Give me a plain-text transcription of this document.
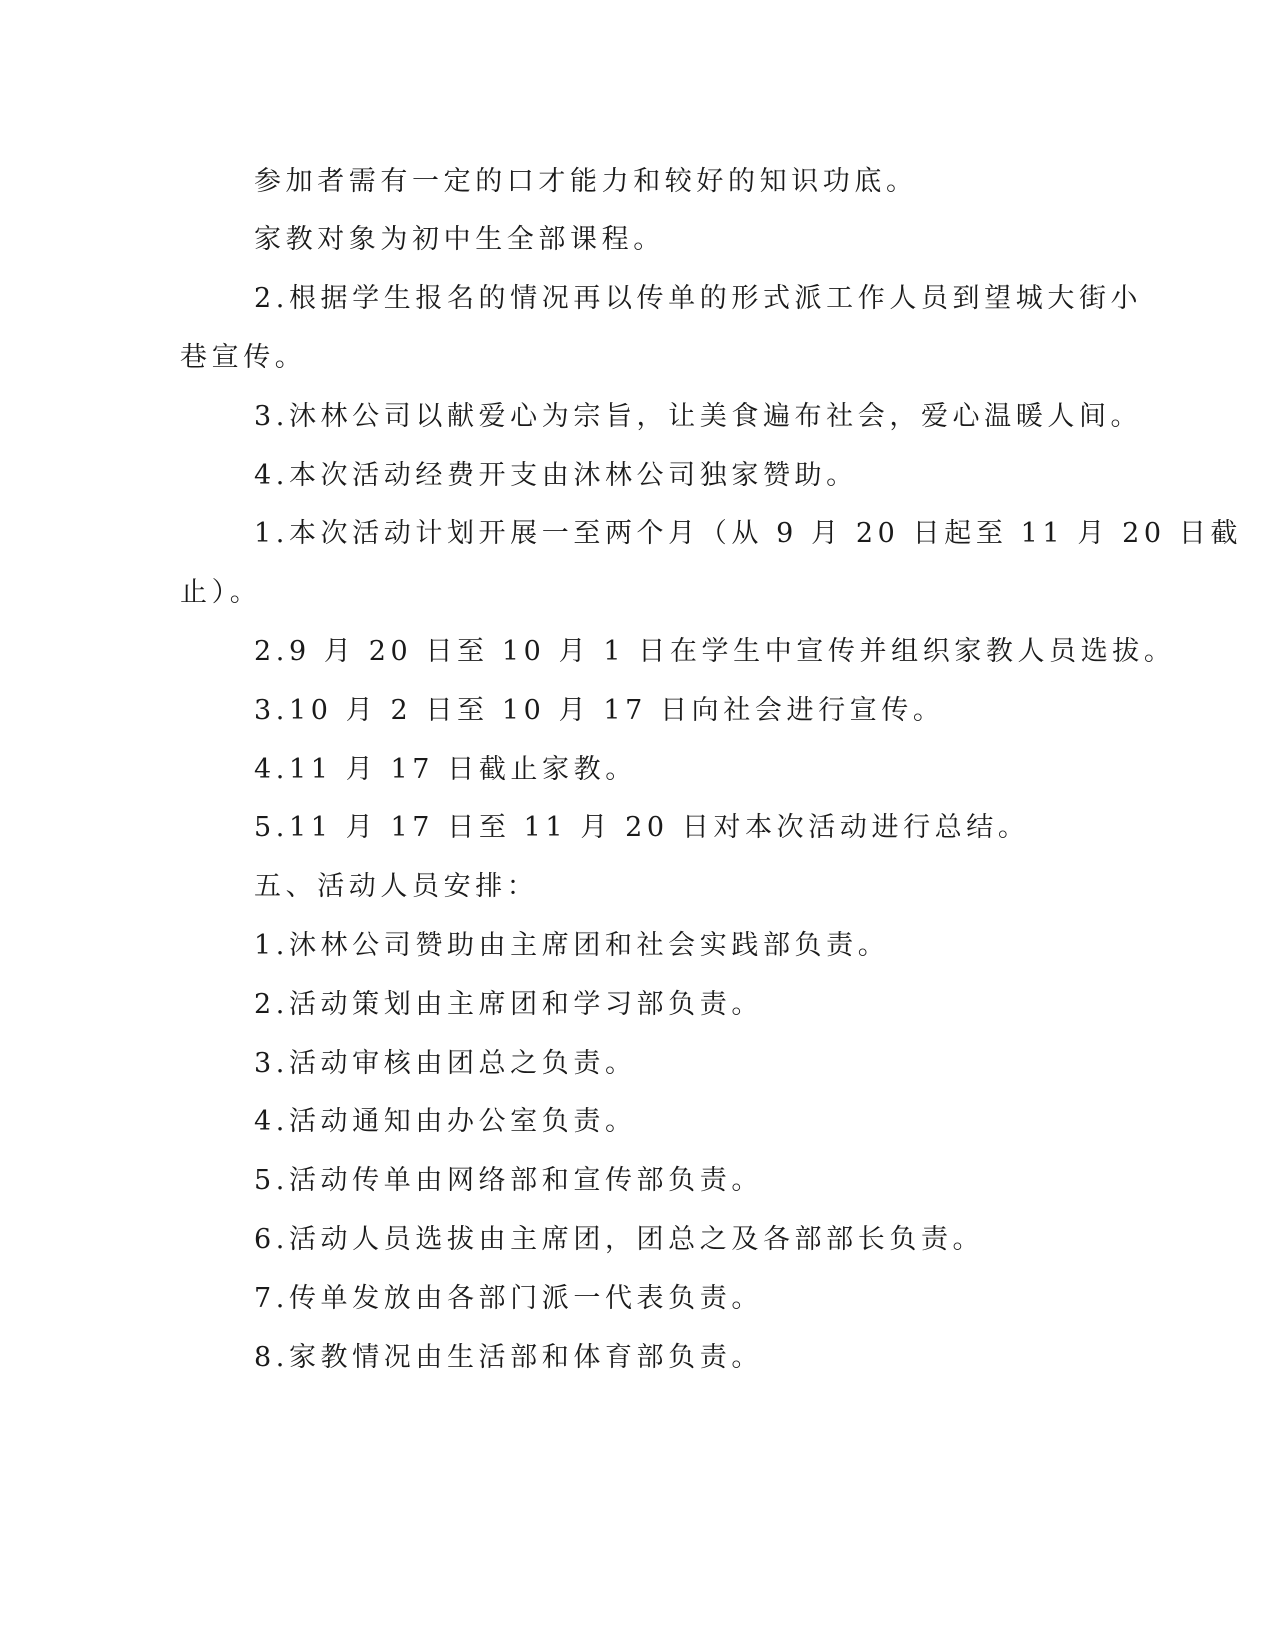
参加者需有一定的口才能力和较好的知识功底。
家教对象为初中生全部课程。
2.根据学生报名的情况再以传单的形式派工作人员到望城大街小
巷宣传。
3.沐林公司以献爱心为宗旨，让美食遍布社会，爱心温暖人间。
4.本次活动经费开支由沐林公司独家赞助。
1.本次活动计划开展一至两个月（从 9 月 20 日起至 11 月 20 日截
止）。
2.9 月 20 日至 10 月 1 日在学生中宣传并组织家教人员选拔。
3.10 月 2 日至 10 月 17 日向社会进行宣传。
4.11 月 17 日截止家教。
5.11 月 17 日至 11 月 20 日对本次活动进行总结。
五、活动人员安排：
1.沐林公司赞助由主席团和社会实践部负责。
2.活动策划由主席团和学习部负责。
3.活动审核由团总之负责。
4.活动通知由办公室负责。
5.活动传单由网络部和宣传部负责。
6.活动人员选拔由主席团，团总之及各部部长负责。
7.传单发放由各部门派一代表负责。
8.家教情况由生活部和体育部负责。
